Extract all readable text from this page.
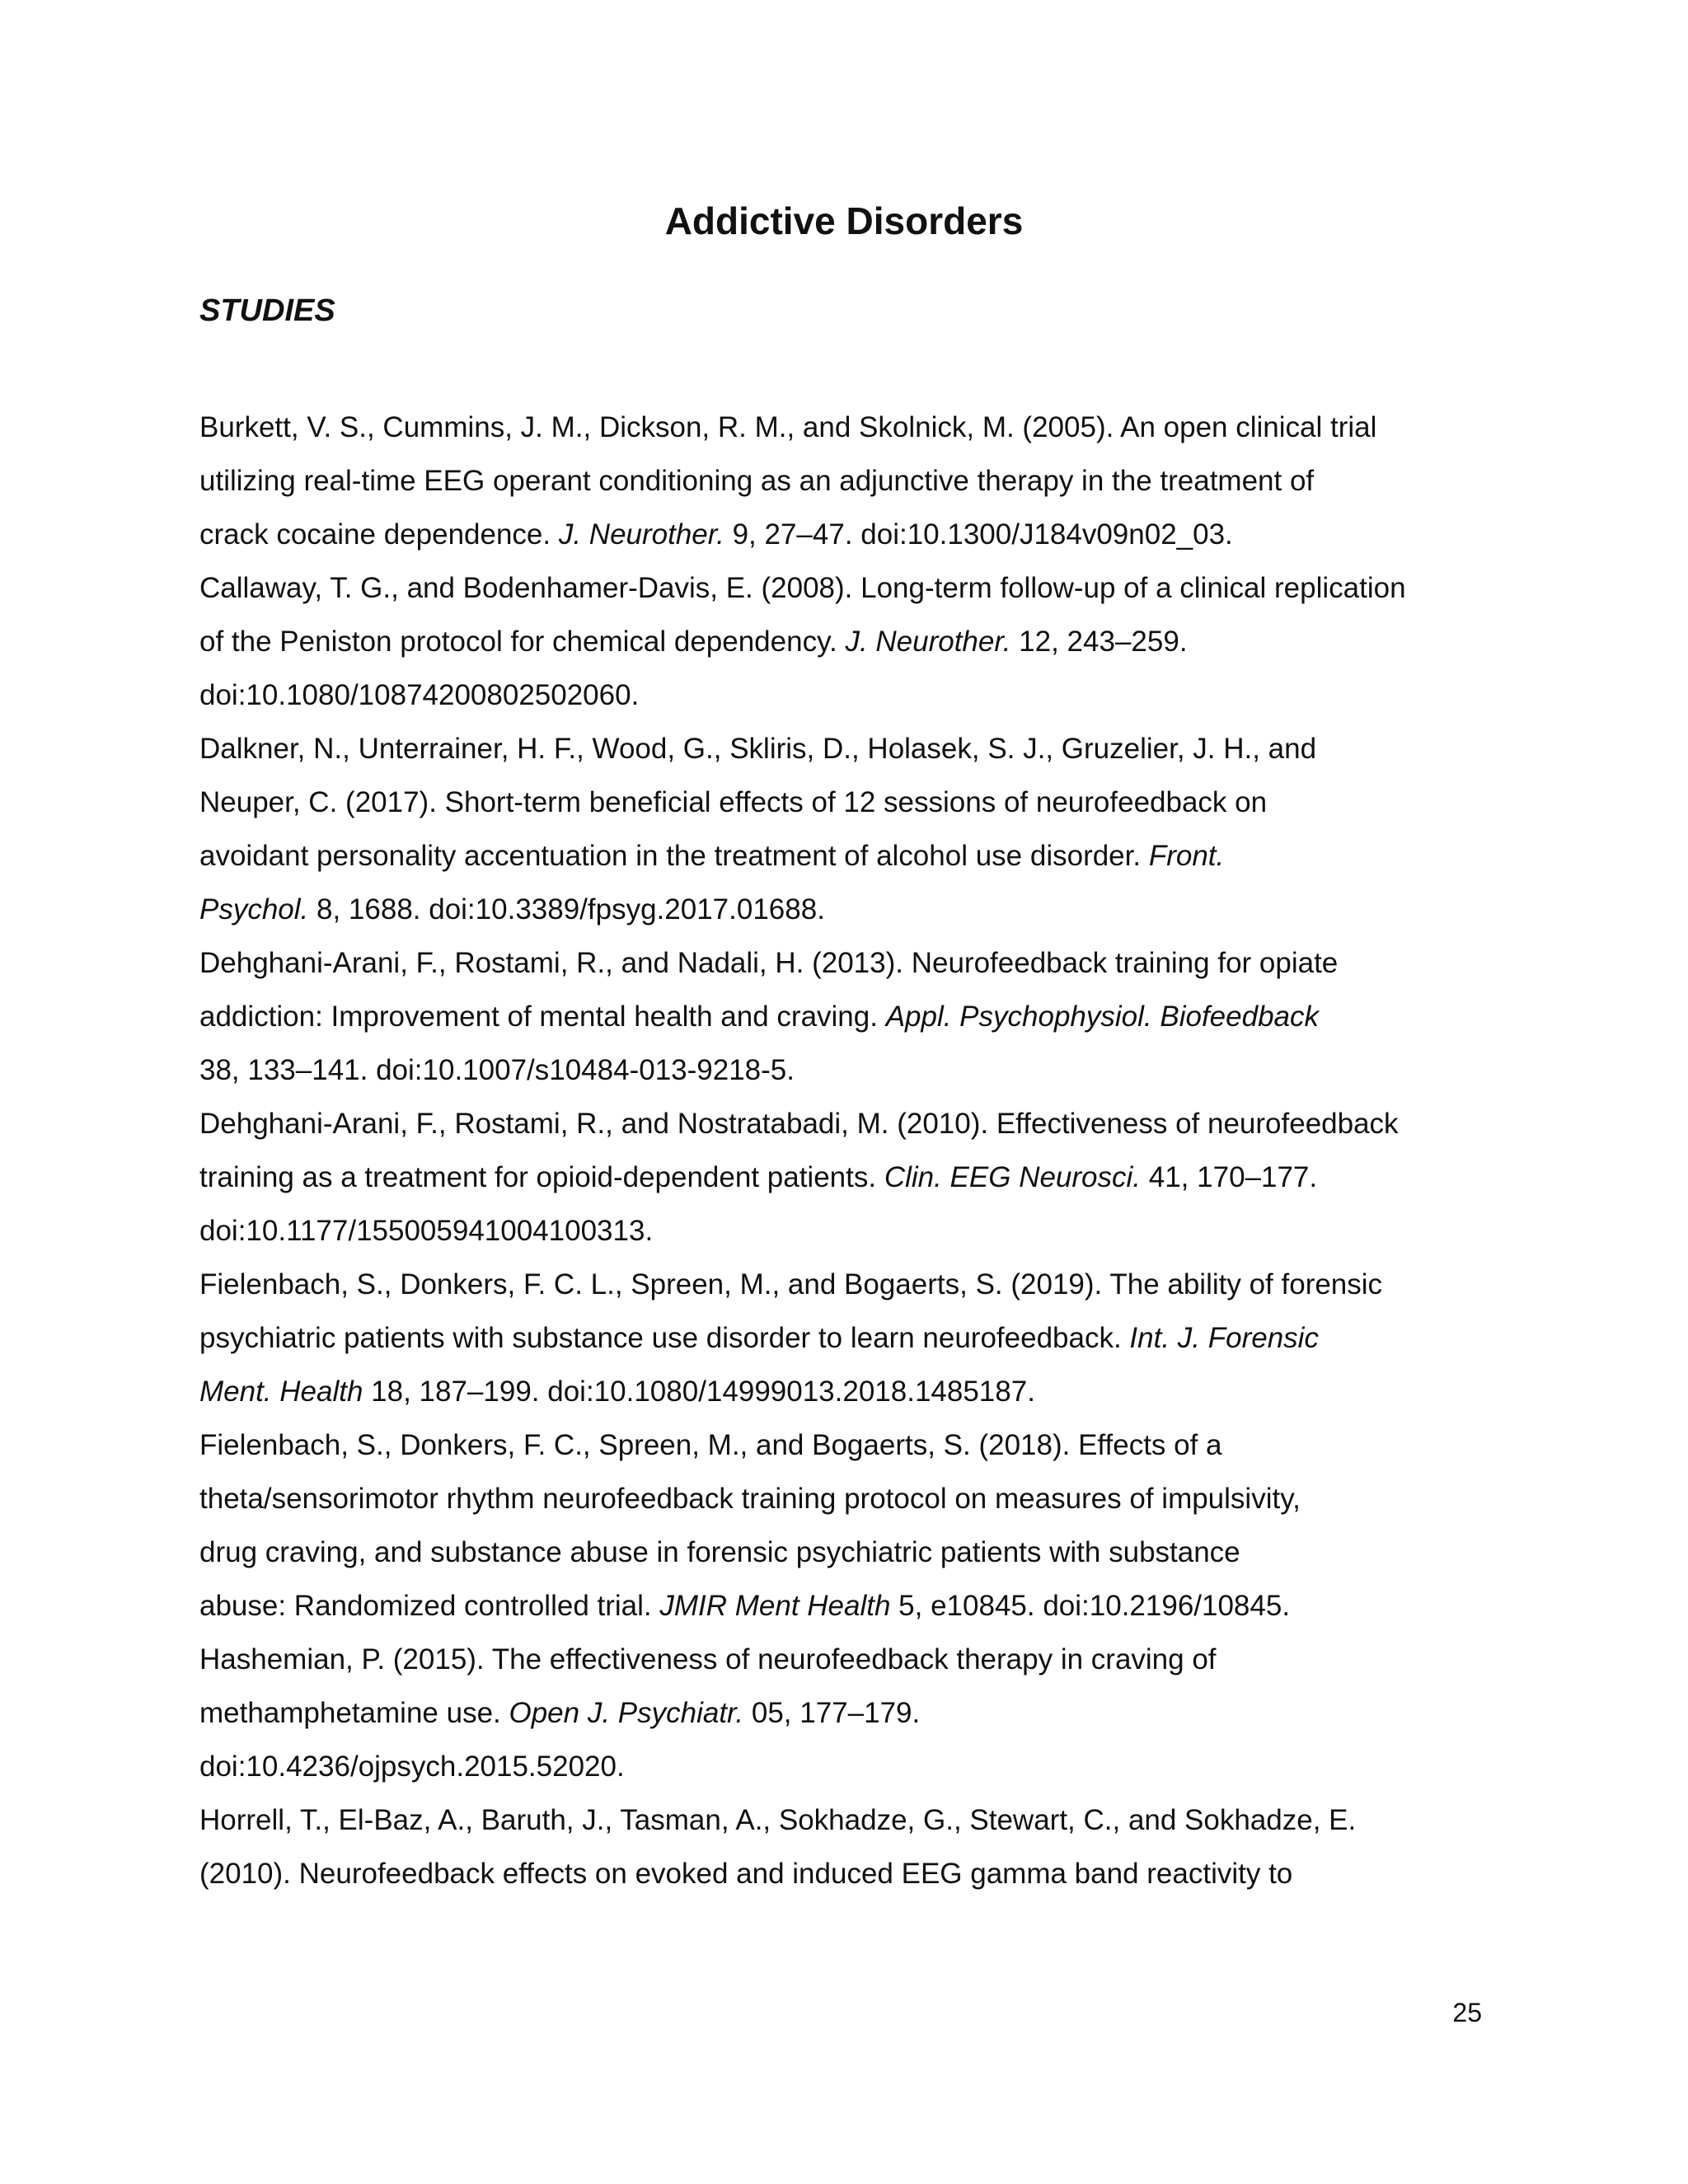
Addictive Disorders
STUDIES
Burkett, V. S., Cummins, J. M., Dickson, R. M., and Skolnick, M. (2005). An open clinical trial
utilizing real-time EEG operant conditioning as an adjunctive therapy in the treatment of
crack cocaine dependence. J. Neurother. 9, 27–47. doi:10.1300/J184v09n02_03.
Callaway, T. G., and Bodenhamer-Davis, E. (2008). Long-term follow-up of a clinical replication
of the Peniston protocol for chemical dependency. J. Neurother. 12, 243–259.
doi:10.1080/10874200802502060.
Dalkner, N., Unterrainer, H. F., Wood, G., Skliris, D., Holasek, S. J., Gruzelier, J. H., and
Neuper, C. (2017). Short-term beneficial effects of 12 sessions of neurofeedback on
avoidant personality accentuation in the treatment of alcohol use disorder. Front.
Psychol. 8, 1688. doi:10.3389/fpsyg.2017.01688.
Dehghani-Arani, F., Rostami, R., and Nadali, H. (2013). Neurofeedback training for opiate
addiction: Improvement of mental health and craving. Appl. Psychophysiol. Biofeedback
38, 133–141. doi:10.1007/s10484-013-9218-5.
Dehghani-Arani, F., Rostami, R., and Nostratabadi, M. (2010). Effectiveness of neurofeedback
training as a treatment for opioid-dependent patients. Clin. EEG Neurosci. 41, 170–177.
doi:10.1177/155005941004100313.
Fielenbach, S., Donkers, F. C. L., Spreen, M., and Bogaerts, S. (2019). The ability of forensic
psychiatric patients with substance use disorder to learn neurofeedback. Int. J. Forensic
Ment. Health 18, 187–199. doi:10.1080/14999013.2018.1485187.
Fielenbach, S., Donkers, F. C., Spreen, M., and Bogaerts, S. (2018). Effects of a
theta/sensorimotor rhythm neurofeedback training protocol on measures of impulsivity,
drug craving, and substance abuse in forensic psychiatric patients with substance
abuse: Randomized controlled trial. JMIR Ment Health 5, e10845. doi:10.2196/10845.
Hashemian, P. (2015). The effectiveness of neurofeedback therapy in craving of
methamphetamine use. Open J. Psychiatr. 05, 177–179.
doi:10.4236/ojpsych.2015.52020.
Horrell, T., El-Baz, A., Baruth, J., Tasman, A., Sokhadze, G., Stewart, C., and Sokhadze, E.
(2010). Neurofeedback effects on evoked and induced EEG gamma band reactivity to
25
